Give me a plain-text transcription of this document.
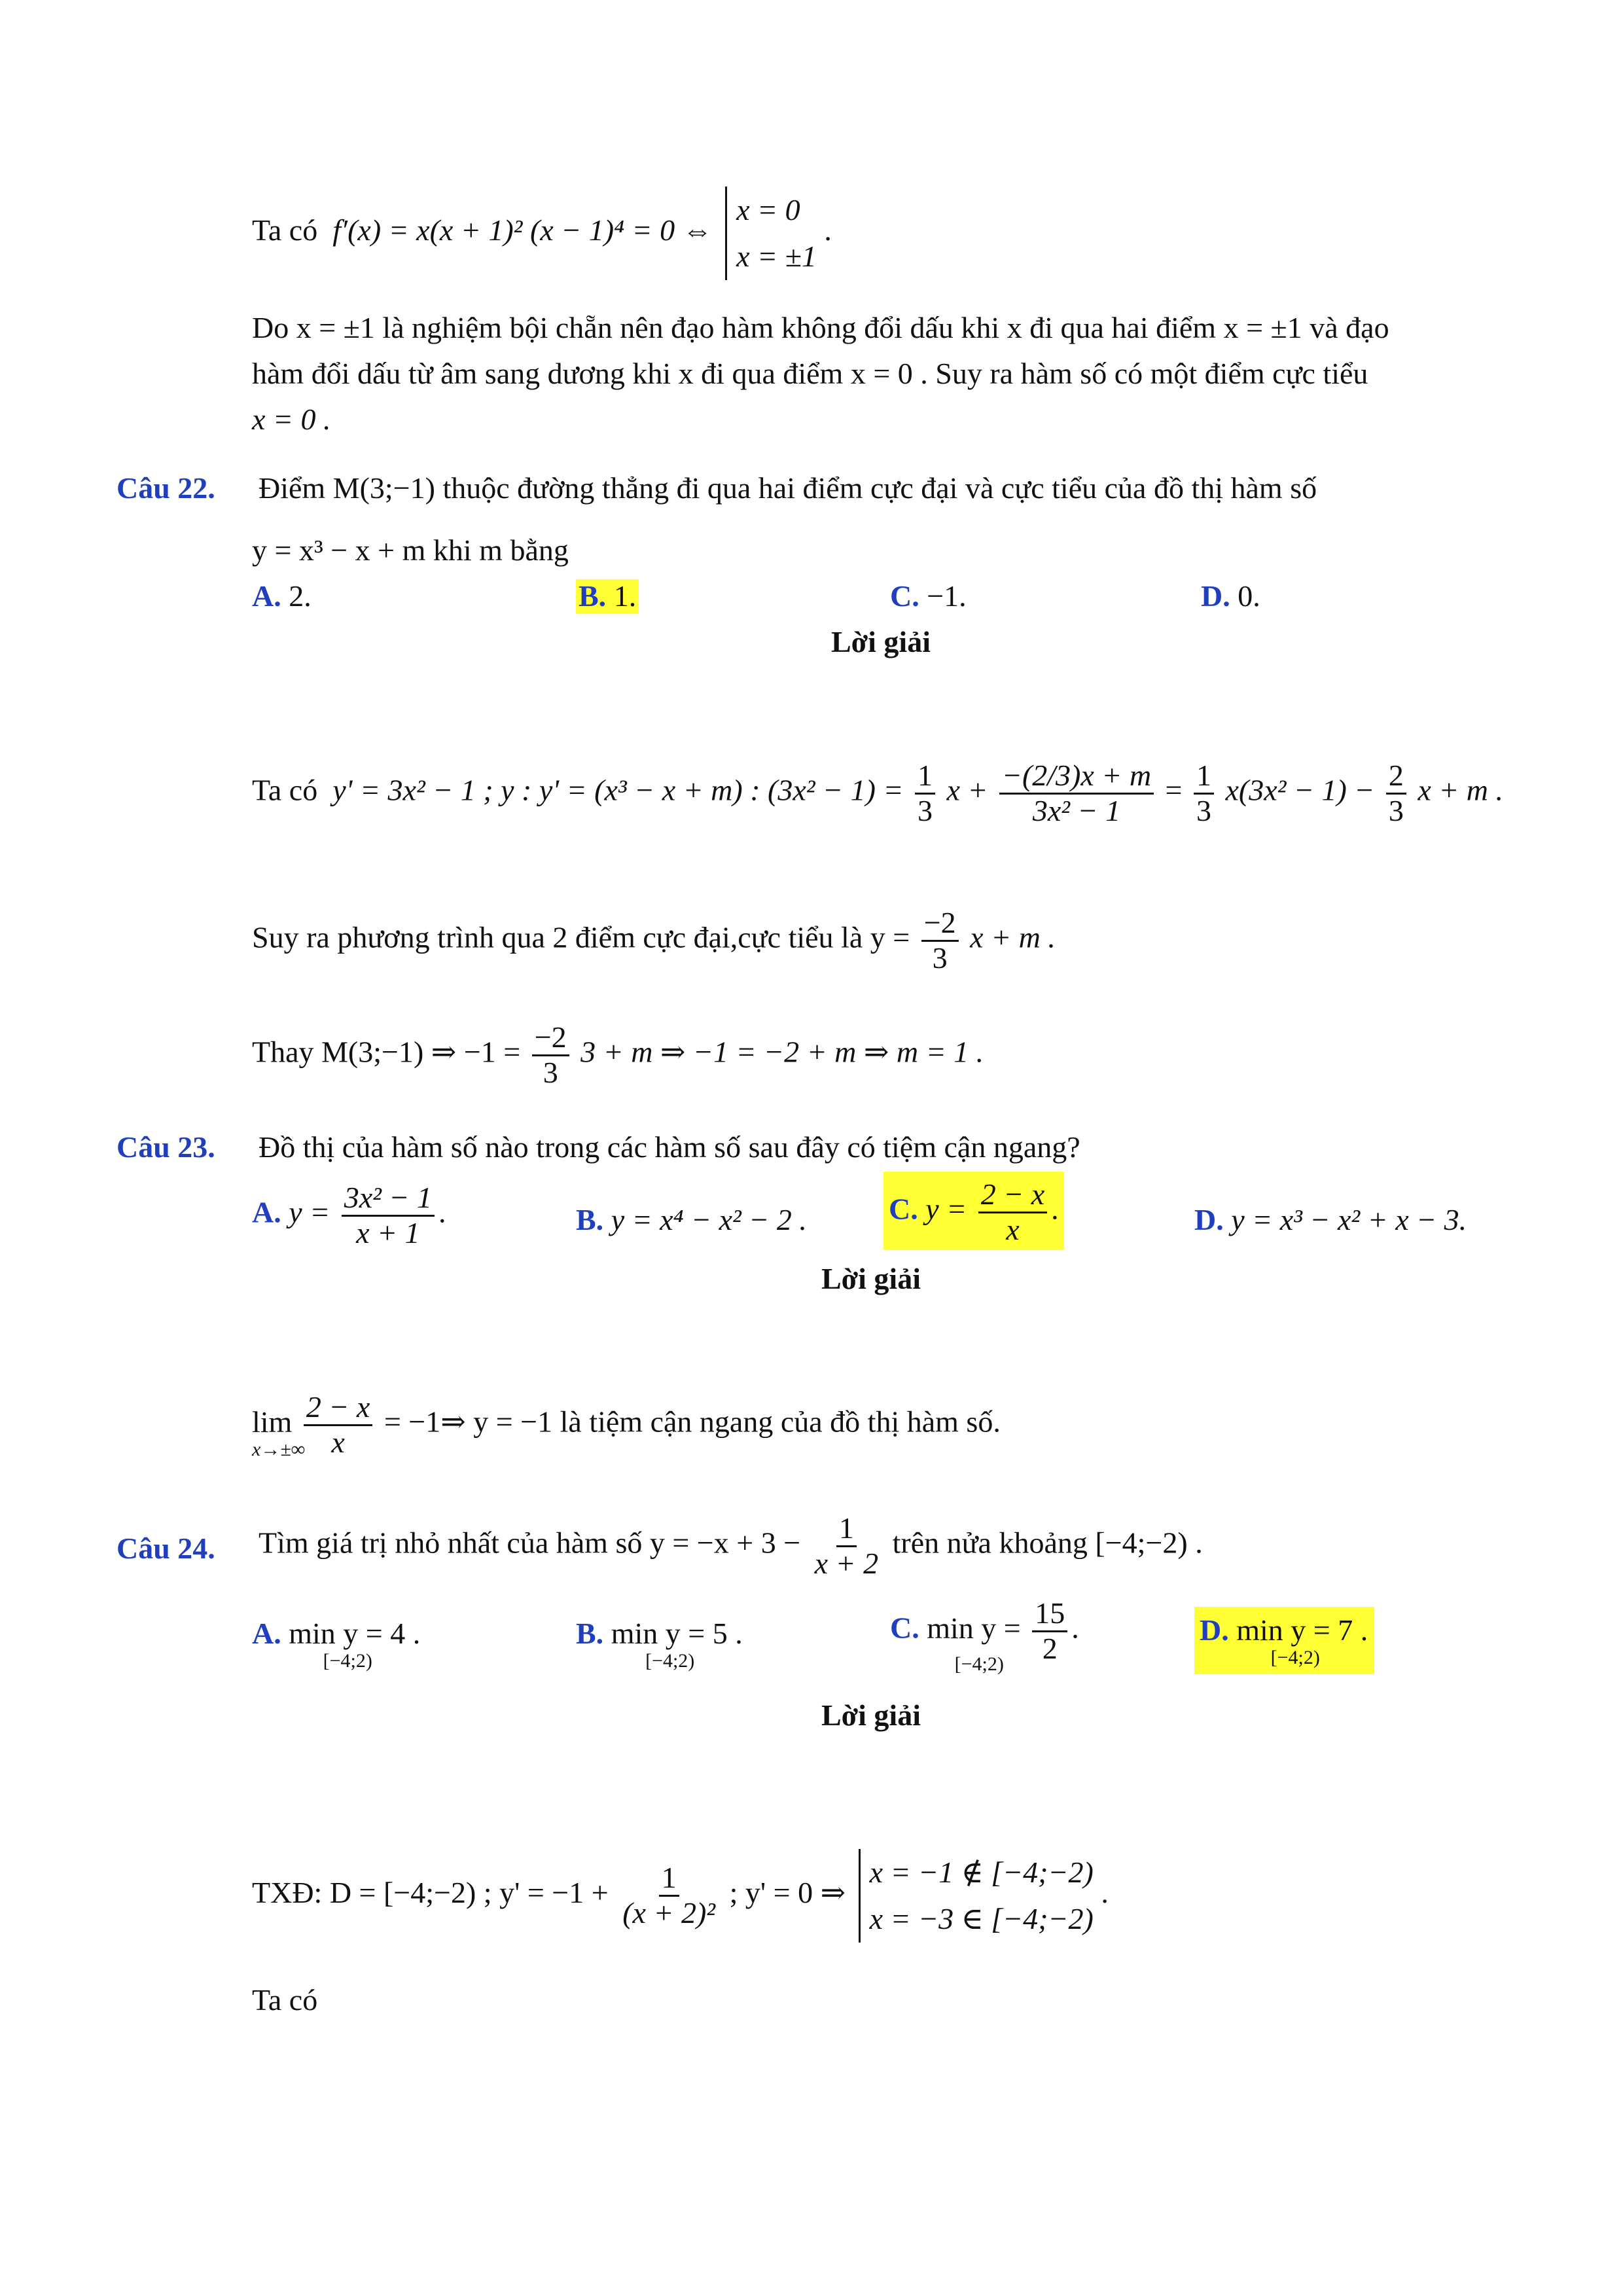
Ta có f′(x) = x(x + 1)² (x − 1)⁴ = 0 ⇔
x = 0
x = ±1
.
Do x = ±1 là nghiệm bội chẵn nên đạo hàm không đổi dấu khi x đi qua hai điểm x = ±1 và đạo
hàm đổi dấu từ âm sang dương khi x đi qua điểm x = 0 . Suy ra hàm số có một điểm cực tiểu
x = 0 .
Câu 22. Điểm M(3;−1) thuộc đường thẳng đi qua hai điểm cực đại và cực tiểu của đồ thị hàm số
y = x³ − x + m khi m bằng
A. 2.	B. 1.	C. −1.	D. 0.
Lời giải
Ta có y' = 3x² − 1 ; y : y' = (x³ − x + m) : $(3x^2 - 1) = \frac{1}{3}$ $x + \frac{-(2/3)x + m}{\text{3x² − 1}} = \frac{1}{3} x(3x^2 - 1) - \frac{2}{3}$ x + m .
Suy ra phương trình qua 2 điểm cực đại,cực tiểu là $y = \frac{-2}{3}$ x + m .
Thay M(3;−1) ⇒ $-1 = \frac{-2}{3} 3 + m$ ⇒ −1 = −2 + m ⇒ m = 1 .
Câu 23. Đồ thị của hàm số nào trong các hàm số sau đây có tiệm cận ngang?
A. $y = \frac{\text{3x² − 1}}{x + 1}$ .	B. y = x⁴ − x² − 2 .	C. $y = \frac{2 - x}{x}$ .	D. y = x³ − x² + x − 3.
Lời giải
lim
x→±∞

$\frac{2 - x}{x}$ = −1⇒ y = −1 là tiệm cận ngang của đồ thị hàm số.
Câu 24. Tìm giá trị nhỏ nhất của hàm số $y = -x + 3 - \frac{1}{x + 2}$ trên nửa khoảng [−4;−2) .
A. min y = 4 .
[−4;2)
B. min y = 5 .
[−4;2)
C. min y =
[−4;2)
$\frac{15}{2}$ .	D. min y = 7 .
[−4;2)
Lời giải
TXĐ: D = [−4;−2) ; $y' = -1 + \frac{1}{\text{(x + 2)²}}$ ; y' = 0 ⇒
x = −1 ∉ [−4;−2)
x = −3 ∈ [−4;−2)
.
Ta có
